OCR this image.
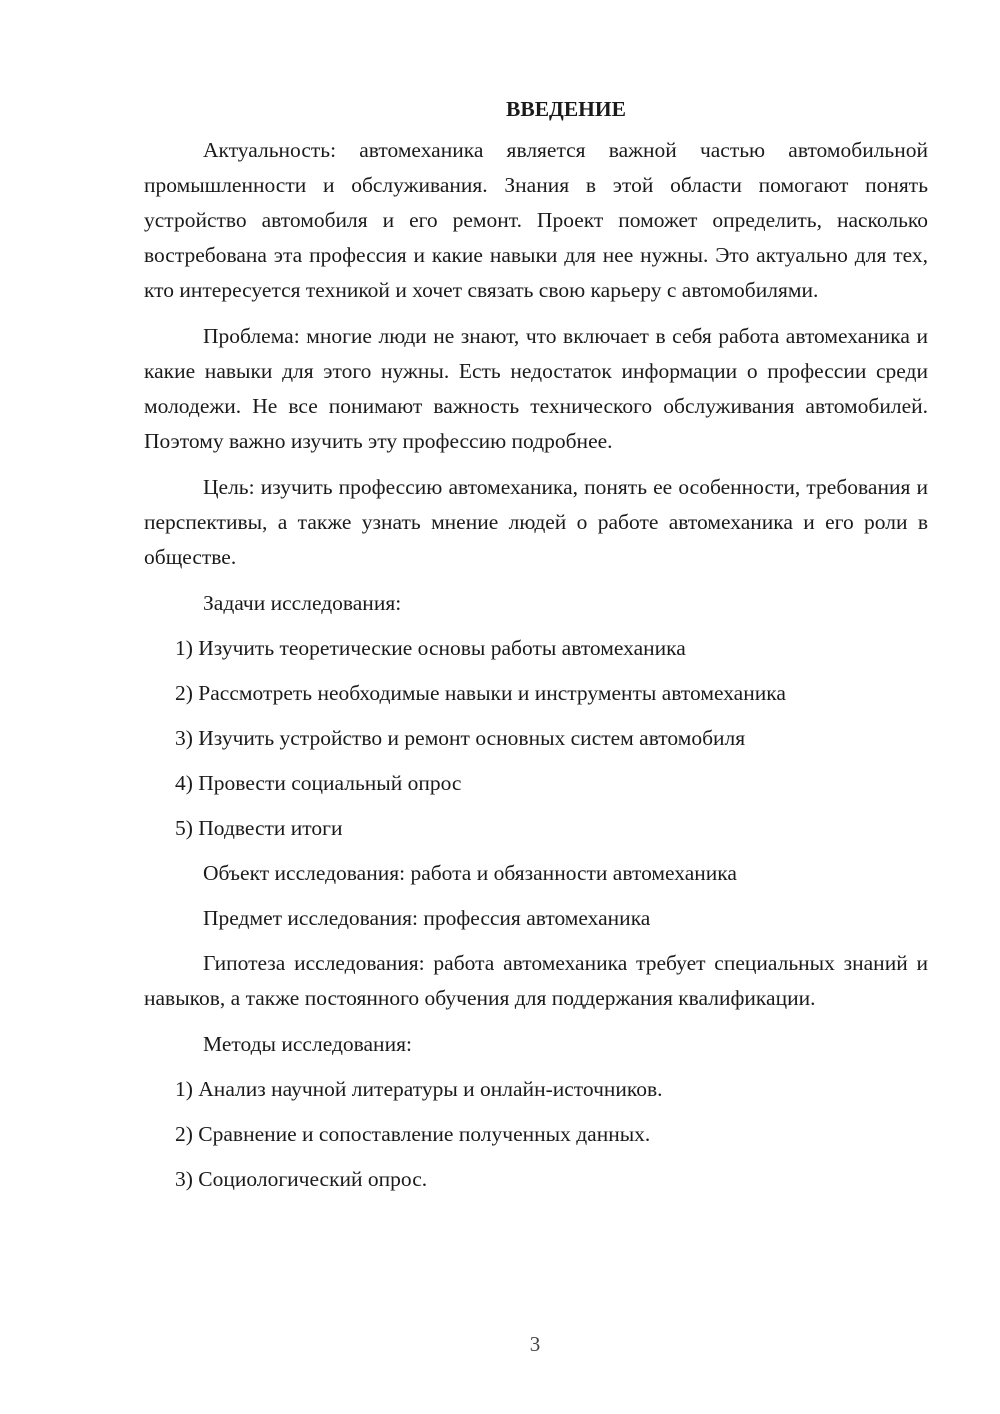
ВВЕДЕНИЕ

Актуальность: автомеханика является важной частью автомобильной промышленности и обслуживания. Знания в этой области помогают понять устройство автомобиля и его ремонт. Проект поможет определить, насколько востребована эта профессия и какие навыки для нее нужны. Это актуально для тех, кто интересуется техникой и хочет связать свою карьеру с автомобилями.

Проблема: многие люди не знают, что включает в себя работа автомеханика и какие навыки для этого нужны. Есть недостаток информации о профессии среди молодежи. Не все понимают важность технического обслуживания автомобилей. Поэтому важно изучить эту профессию подробнее.

Цель: изучить профессию автомеханика, понять ее особенности, требования и перспективы, а также узнать мнение людей о работе автомеханика и его роли в обществе.

Задачи исследования:

1) Изучить теоретические основы работы автомеханика
2) Рассмотреть необходимые навыки и инструменты автомеханика
3) Изучить устройство и ремонт основных систем автомобиля
4) Провести социальный опрос
5) Подвести итоги

Объект исследования: работа и обязанности автомеханика

Предмет исследования: профессия автомеханика

Гипотеза исследования: работа автомеханика требует специальных знаний и навыков, а также постоянного обучения для поддержания квалификации.

Методы исследования:

1) Анализ научной литературы и онлайн-источников.
2) Сравнение и сопоставление полученных данных.
3) Социологический опрос.
3
